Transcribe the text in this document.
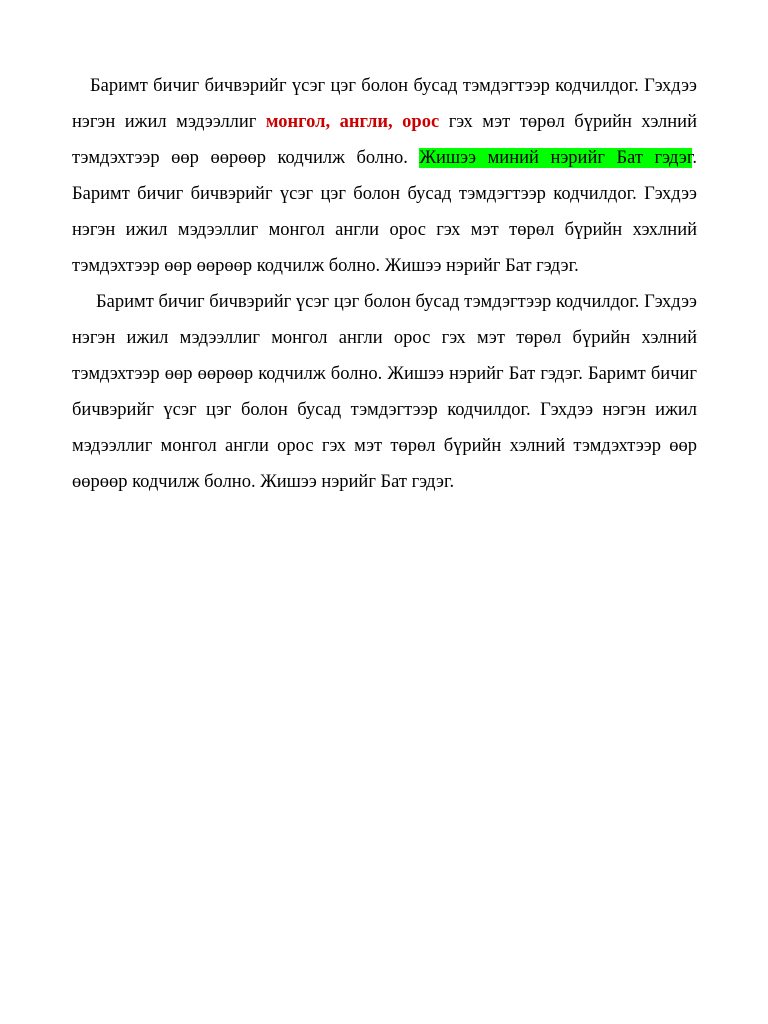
Баримт бичиг бичвэрийг үсэг цэг болон бусад тэмдэгтээр кодчилдог. Гэхдээ нэгэн ижил мэдээллиг монгол, англи, орос гэх мэт төрөл бүрийн хэлний тэмдэхтээр өөр өөрөөр кодчилж болно. Жишээ миний нэрийг Бат гэдэг. Баримт бичиг бичвэрийг үсэг цэг болон бусад тэмдэгтээр кодчилдог. Гэхдээ нэгэн ижил мэдээллиг монгол англи орос гэх мэт төрөл бүрийн хэхлний тэмдэхтээр өөр өөрөөр кодчилж болно. Жишээ нэрийг Бат гэдэг.

Баримт бичиг бичвэрийг үсэг цэг болон бусад тэмдэгтээр кодчилдог. Гэхдээ нэгэн ижил мэдээллиг монгол англи орос гэх мэт төрөл бүрийн хэлний тэмдэхтээр өөр өөрөөр кодчилж болно. Жишээ нэрийг Бат гэдэг. Баримт бичиг бичвэрийг үсэг цэг болон бусад тэмдэгтээр кодчилдог. Гэхдээ нэгэн ижил мэдээллиг монгол англи орос гэх мэт төрөл бүрийн хэлний тэмдэхтээр өөр өөрөөр кодчилж болно. Жишээ нэрийг Бат гэдэг.
